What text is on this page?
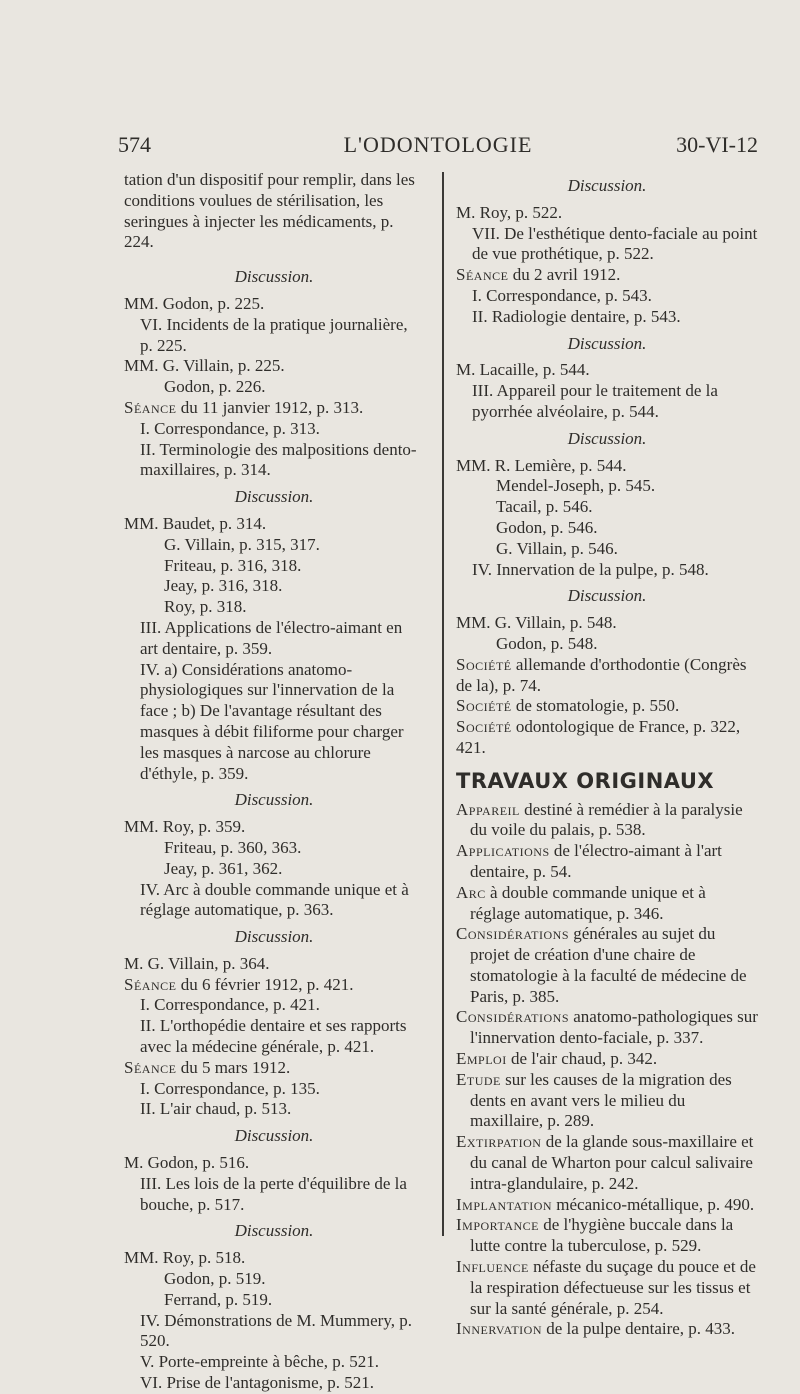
574	L'ODONTOLOGIE	30-VI-12

tation d'un dispositif pour remplir, dans les conditions voulues de stérilisation, les seringues à injecter les médicaments, p. 224.

Discussion.

MM. Godon, p. 225.

VI. Incidents de la pratique journalière, p. 225.

MM. G. Villain, p. 225.

Godon, p. 226.

Séance du 11 janvier 1912, p. 313.

I. Correspondance, p. 313.

II. Terminologie des malpositions dento-maxillaires, p. 314.

Discussion.

MM. Baudet, p. 314.

G. Villain, p. 315, 317.

Friteau, p. 316, 318.

Jeay, p. 316, 318.

Roy, p. 318.

III. Applications de l'électro-aimant en art dentaire, p. 359.

IV. a) Considérations anatomo-physiologiques sur l'innervation de la face ; b) De l'avantage résultant des masques à débit filiforme pour charger les masques à narcose au chlorure d'éthyle, p. 359.

Discussion.

MM. Roy, p. 359.

Friteau, p. 360, 363.

Jeay, p. 361, 362.

IV. Arc à double commande unique et à réglage automatique, p. 363.

Discussion.

M. G. Villain, p. 364.

Séance du 6 février 1912, p. 421.

I. Correspondance, p. 421.

II. L'orthopédie dentaire et ses rapports avec la médecine générale, p. 421.

Séance du 5 mars 1912.

I. Correspondance, p. 135.

II. L'air chaud, p. 513.

Discussion.

M. Godon, p. 516.

III. Les lois de la perte d'équilibre de la bouche, p. 517.

Discussion.

MM. Roy, p. 518.

Godon, p. 519.

Ferrand, p. 519.

IV. Démonstrations de M. Mummery, p. 520.

V. Porte-empreinte à bêche, p. 521.

VI. Prise de l'antagonisme, p. 521.

Discussion.

M. Roy, p. 522.

VII. De l'esthétique dento-faciale au point de vue prothétique, p. 522.

Séance du 2 avril 1912.

I. Correspondance, p. 543.

II. Radiologie dentaire, p. 543.

Discussion.

M. Lacaille, p. 544.

III. Appareil pour le traitement de la pyorrhée alvéolaire, p. 544.

Discussion.

MM. R. Lemière, p. 544.

Mendel-Joseph, p. 545.

Tacail, p. 546.

Godon, p. 546.

G. Villain, p. 546.

IV. Innervation de la pulpe, p. 548.

Discussion.

MM. G. Villain, p. 548.

Godon, p. 548.

Société allemande d'orthodontie (Congrès de la), p. 74.

Société de stomatologie, p. 550.

Société odontologique de France, p. 322, 421.

TRAVAUX ORIGINAUX

Appareil destiné à remédier à la paralysie du voile du palais, p. 538.

Applications de l'électro-aimant à l'art dentaire, p. 54.

Arc à double commande unique et à réglage automatique, p. 346.

Considérations générales au sujet du projet de création d'une chaire de stomatologie à la faculté de médecine de Paris, p. 385.

Considérations anatomo-pathologiques sur l'innervation dento-faciale, p. 337.

Emploi de l'air chaud, p. 342.

Etude sur les causes de la migration des dents en avant vers le milieu du maxillaire, p. 289.

Extirpation de la glande sous-maxillaire et du canal de Wharton pour calcul salivaire intra-glandulaire, p. 242.

Implantation mécanico-métallique, p. 490.

Importance de l'hygiène buccale dans la lutte contre la tuberculose, p. 529.

Influence néfaste du suçage du pouce et de la respiration défectueuse sur les tissus et sur la santé générale, p. 254.

Innervation de la pulpe dentaire, p. 433.
